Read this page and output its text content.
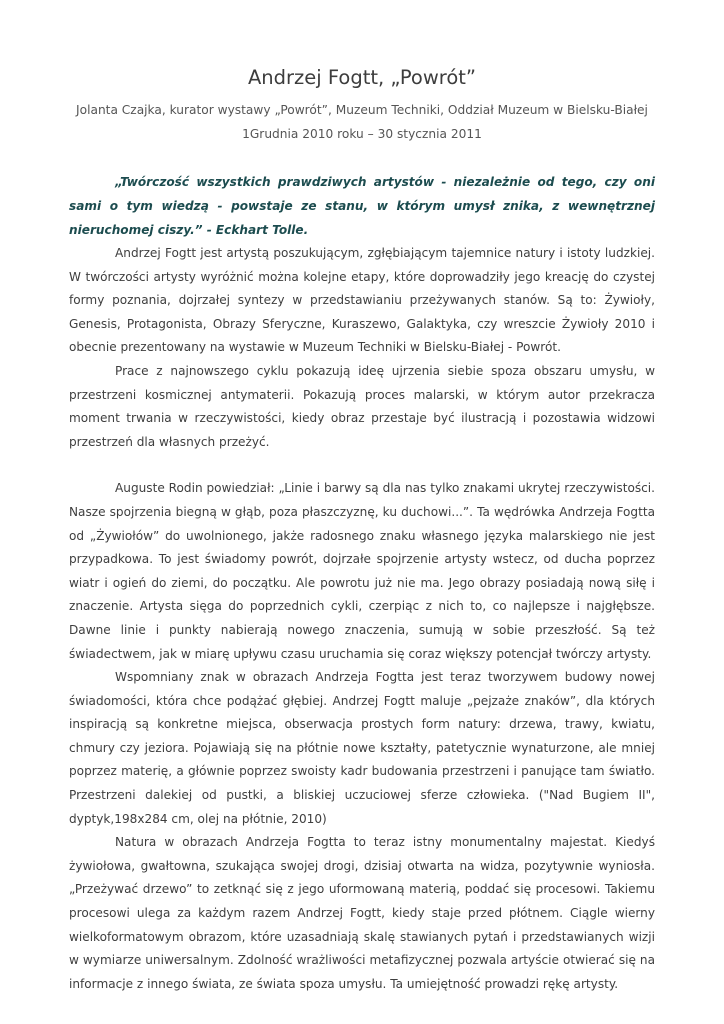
Andrzej Fogtt, „Powrót”

Jolanta Czajka, kurator wystawy „Powrót”, Muzeum Techniki, Oddział Muzeum w Bielsku-Białej
1Grudnia 2010 roku – 30 stycznia 2011

„Twórczość wszystkich prawdziwych artystów - niezależnie od tego, czy oni sami o tym wiedzą - powstaje ze stanu, w którym umysł znika, z wewnętrznej nieruchomej ciszy.” - Eckhart Tolle.

Andrzej Fogtt jest artystą poszukującym, zgłębiającym tajemnice natury i istoty ludzkiej. W twórczości artysty wyróżnić można kolejne etapy, które doprowadziły jego kreację do czystej formy poznania, dojrzałej syntezy w przedstawianiu przeżywanych stanów. Są to: Żywioły, Genesis, Protagonista, Obrazy Sferyczne, Kuraszewo, Galaktyka, czy wreszcie Żywioły 2010 i obecnie prezentowany na wystawie w Muzeum Techniki w Bielsku-Białej - Powrót.

Prace z najnowszego cyklu pokazują ideę ujrzenia siebie spoza obszaru umysłu, w przestrzeni kosmicznej antymaterii. Pokazują proces malarski, w którym autor przekracza moment trwania w rzeczywistości, kiedy obraz przestaje być ilustracją i pozostawia widzowi przestrzeń dla własnych przeżyć.

Auguste Rodin powiedział: „Linie i barwy są dla nas tylko znakami ukrytej rzeczywistości. Nasze spojrzenia biegną w głąb, poza płaszczyznę, ku duchowi...”. Ta wędrówka Andrzeja Fogtta od „Żywiołów” do uwolnionego, jakże radosnego znaku własnego języka malarskiego nie jest przypadkowa. To jest świadomy powrót, dojrzałe spojrzenie artysty wstecz, od ducha poprzez wiatr i ogień do ziemi, do początku. Ale powrotu już nie ma. Jego obrazy posiadają nową siłę i znaczenie. Artysta sięga do poprzednich cykli, czerpiąc z nich to, co najlepsze i najgłębsze. Dawne linie i punkty nabierają nowego znaczenia, sumują w sobie przeszłość. Są też świadectwem, jak w miarę upływu czasu uruchamia się coraz większy potencjał twórczy artysty.

Wspomniany znak w obrazach Andrzeja Fogtta jest teraz tworzywem budowy nowej świadomości, która chce podążać głębiej. Andrzej Fogtt maluje „pejzaże znaków”, dla których inspiracją są konkretne miejsca, obserwacja prostych form natury: drzewa, trawy, kwiatu, chmury czy jeziora. Pojawiają się na płótnie nowe kształty, patetycznie wynaturzone, ale mniej poprzez materię, a głównie poprzez swoisty kadr budowania przestrzeni i panujące tam światło. Przestrzeni dalekiej od pustki, a bliskiej uczuciowej sferze człowieka. ("Nad Bugiem II", dyptyk,198x284 cm, olej na płótnie, 2010)

Natura w obrazach Andrzeja Fogtta to teraz istny monumentalny majestat. Kiedyś żywiołowa, gwałtowna, szukająca swojej drogi, dzisiaj otwarta na widza, pozytywnie wyniosła. „Przeżywać drzewo” to zetknąć się z jego uformowaną materią, poddać się procesowi. Takiemu procesowi ulega za każdym razem Andrzej Fogtt, kiedy staje przed płótnem. Ciągle wierny wielkoformatowym obrazom, które uzasadniają skalę stawianych pytań i przedstawianych wizji w wymiarze uniwersalnym. Zdolność wrażliwości metafizycznej pozwala artyście otwierać się na informacje z innego świata, ze świata spoza umysłu. Ta umiejętność prowadzi rękę artysty.
